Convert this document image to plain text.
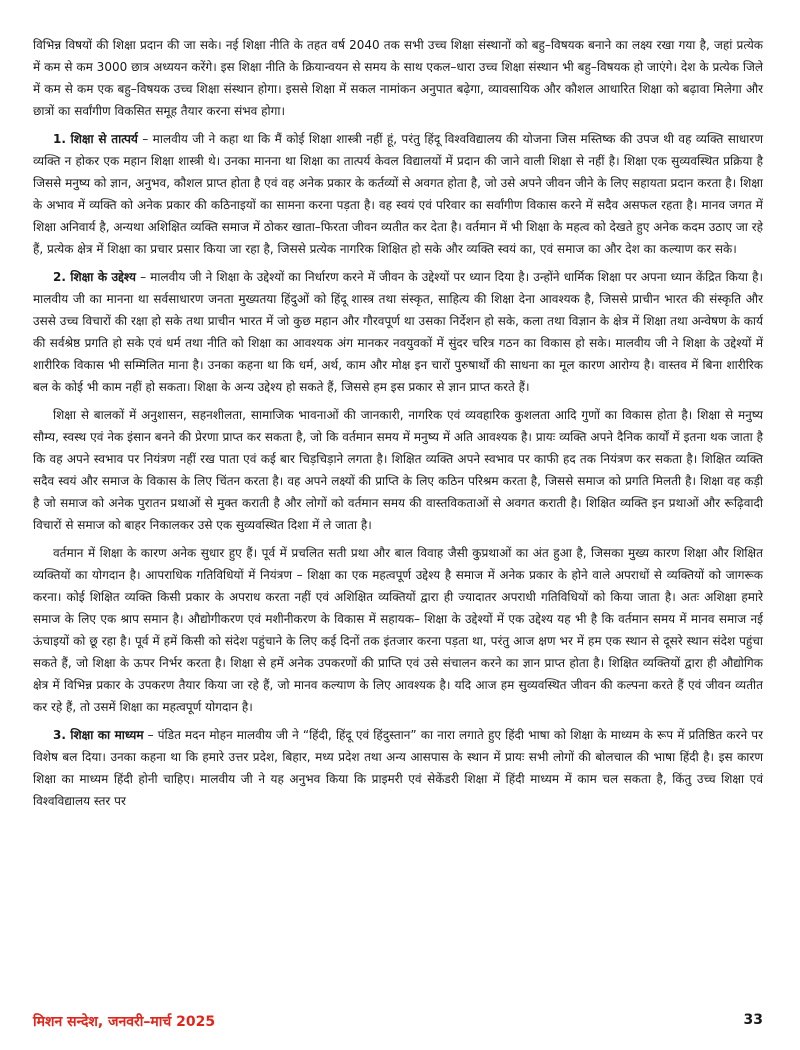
विभिन्न विषयों की शिक्षा प्रदान की जा सके। नई शिक्षा नीति के तहत वर्ष 2040 तक सभी उच्च शिक्षा संस्थानों को बहु–विषयक बनाने का लक्ष्य रखा गया है, जहां प्रत्येक में कम से कम 3000 छात्र अध्ययन करेंगे। इस शिक्षा नीति के क्रियान्वयन से समय के साथ एकल–धारा उच्च शिक्षा संस्थान भी बहु–विषयक हो जाएंगे। देश के प्रत्येक जिले में कम से कम एक बहु–विषयक उच्च शिक्षा संस्थान होगा। इससे शिक्षा में सकल नामांकन अनुपात बढ़ेगा, व्यावसायिक और कौशल आधारित शिक्षा को बढ़ावा मिलेगा और छात्रों का सर्वांगीण विकसित समूह तैयार करना संभव होगा।

1. शिक्षा से तात्पर्य – मालवीय जी ने कहा था कि मैं कोई शिक्षा शास्त्री नहीं हूं, परंतु हिंदू विश्वविद्यालय की योजना जिस मस्तिष्क की उपज थी वह व्यक्ति साधारण व्यक्ति न होकर एक महान शिक्षा शास्त्री थे। उनका मानना था शिक्षा का तात्पर्य केवल विद्यालयों में प्रदान की जाने वाली शिक्षा से नहीं है। शिक्षा एक सुव्यवस्थित प्रक्रिया है जिससे मनुष्य को ज्ञान, अनुभव, कौशल प्राप्त होता है एवं वह अनेक प्रकार के कर्तव्यों से अवगत होता है, जो उसे अपने जीवन जीने के लिए सहायता प्रदान करता है। शिक्षा के अभाव में व्यक्ति को अनेक प्रकार की कठिनाइयों का सामना करना पड़ता है। वह स्वयं एवं परिवार का सर्वांगीण विकास करने में सदैव असफल रहता है। मानव जगत में शिक्षा अनिवार्य है, अन्यथा अशिक्षित व्यक्ति समाज में ठोकर खाता–फिरता जीवन व्यतीत कर देता है। वर्तमान में भी शिक्षा के महत्व को देखते हुए अनेक कदम उठाए जा रहे हैं, प्रत्येक क्षेत्र में शिक्षा का प्रचार प्रसार किया जा रहा है, जिससे प्रत्येक नागरिक शिक्षित हो सके और व्यक्ति स्वयं का, एवं समाज का और देश का कल्याण कर सके।

2. शिक्षा के उद्देश्य – मालवीय जी ने शिक्षा के उद्देश्यों का निर्धारण करने में जीवन के उद्देश्यों पर ध्यान दिया है। उन्होंने धार्मिक शिक्षा पर अपना ध्यान केंद्रित किया है। मालवीय जी का मानना था सर्वसाधारण जनता मुख्यतया हिंदुओं को हिंदू शास्त्र तथा संस्कृत, साहित्य की शिक्षा देना आवश्यक है, जिससे प्राचीन भारत की संस्कृति और उससे उच्च विचारों की रक्षा हो सके तथा प्राचीन भारत में जो कुछ महान और गौरवपूर्ण था उसका निर्देशन हो सके, कला तथा विज्ञान के क्षेत्र में शिक्षा तथा अन्वेषण के कार्य की सर्वश्रेष्ठ प्रगति हो सके एवं धर्म तथा नीति को शिक्षा का आवश्यक अंग मानकर नवयुवकों में सुंदर चरित्र गठन का विकास हो सके। मालवीय जी ने शिक्षा के उद्देश्यों में शारीरिक विकास भी सम्मिलित माना है। उनका कहना था कि धर्म, अर्थ, काम और मोक्ष इन चारों पुरुषार्थों की साधना का मूल कारण आरोग्य है। वास्तव में बिना शारीरिक बल के कोई भी काम नहीं हो सकता। शिक्षा के अन्य उद्देश्य हो सकते हैं, जिससे हम इस प्रकार से ज्ञान प्राप्त करते हैं।

शिक्षा से बालकों में अनुशासन, सहनशीलता, सामाजिक भावनाओं की जानकारी, नागरिक एवं व्यवहारिक कुशलता आदि गुणों का विकास होता है। शिक्षा से मनुष्य सौम्य, स्वस्थ एवं नेक इंसान बनने की प्रेरणा प्राप्त कर सकता है, जो कि वर्तमान समय में मनुष्य में अति आवश्यक है। प्रायः व्यक्ति अपने दैनिक कार्यों में इतना थक जाता है कि वह अपने स्वभाव पर नियंत्रण नहीं रख पाता एवं कई बार चिड़चिड़ाने लगता है। शिक्षित व्यक्ति अपने स्वभाव पर काफी हद तक नियंत्रण कर सकता है। शिक्षित व्यक्ति सदैव स्वयं और समाज के विकास के लिए चिंतन करता है। वह अपने लक्ष्यों की प्राप्ति के लिए कठिन परिश्रम करता है, जिससे समाज को प्रगति मिलती है। शिक्षा वह कड़ी है जो समाज को अनेक पुरातन प्रथाओं से मुक्त कराती है और लोगों को वर्तमान समय की वास्तविकताओं से अवगत कराती है। शिक्षित व्यक्ति इन प्रथाओं और रूढ़िवादी विचारों से समाज को बाहर निकालकर उसे एक सुव्यवस्थित दिशा में ले जाता है।

वर्तमान में शिक्षा के कारण अनेक सुधार हुए हैं। पूर्व में प्रचलित सती प्रथा और बाल विवाह जैसी कुप्रथाओं का अंत हुआ है, जिसका मुख्य कारण शिक्षा और शिक्षित व्यक्तियों का योगदान है। आपराधिक गतिविधियों में नियंत्रण – शिक्षा का एक महत्वपूर्ण उद्देश्य है समाज में अनेक प्रकार के होने वाले अपराधों से व्यक्तियों को जागरूक करना। कोई शिक्षित व्यक्ति किसी प्रकार के अपराध करता नहीं एवं अशिक्षित व्यक्तियों द्वारा ही ज्यादातर अपराधी गतिविधियों को किया जाता है। अतः अशिक्षा हमारे समाज के लिए एक श्राप समान है। औद्योगीकरण एवं मशीनीकरण के विकास में सहायक– शिक्षा के उद्देश्यों में एक उद्देश्य यह भी है कि वर्तमान समय में मानव समाज नई ऊंचाइयों को छू रहा है। पूर्व में हमें किसी को संदेश पहुंचाने के लिए कई दिनों तक इंतजार करना पड़ता था, परंतु आज क्षण भर में हम एक स्थान से दूसरे स्थान संदेश पहुंचा सकते हैं, जो शिक्षा के ऊपर निर्भर करता है। शिक्षा से हमें अनेक उपकरणों की प्राप्ति एवं उसे संचालन करने का ज्ञान प्राप्त होता है। शिक्षित व्यक्तियों द्वारा ही औद्योगिक क्षेत्र में विभिन्न प्रकार के उपकरण तैयार किया जा रहे हैं, जो मानव कल्याण के लिए आवश्यक है। यदि आज हम सुव्यवस्थित जीवन की कल्पना करते हैं एवं जीवन व्यतीत कर रहे हैं, तो उसमें शिक्षा का महत्वपूर्ण योगदान है।

3. शिक्षा का माध्यम – पंडित मदन मोहन मालवीय जी ने “हिंदी, हिंदू एवं हिंदुस्तान” का नारा लगाते हुए हिंदी भाषा को शिक्षा के माध्यम के रूप में प्रतिष्ठित करने पर विशेष बल दिया। उनका कहना था कि हमारे उत्तर प्रदेश, बिहार, मध्य प्रदेश तथा अन्य आसपास के स्थान में प्रायः सभी लोगों की बोलचाल की भाषा हिंदी है। इस कारण शिक्षा का माध्यम हिंदी होनी चाहिए। मालवीय जी ने यह अनुभव किया कि प्राइमरी एवं सेकेंडरी शिक्षा में हिंदी माध्यम में काम चल सकता है, किंतु उच्च शिक्षा एवं विश्वविद्यालय स्तर पर

मिशन सन्देश, जनवरी–मार्च 2025	33
